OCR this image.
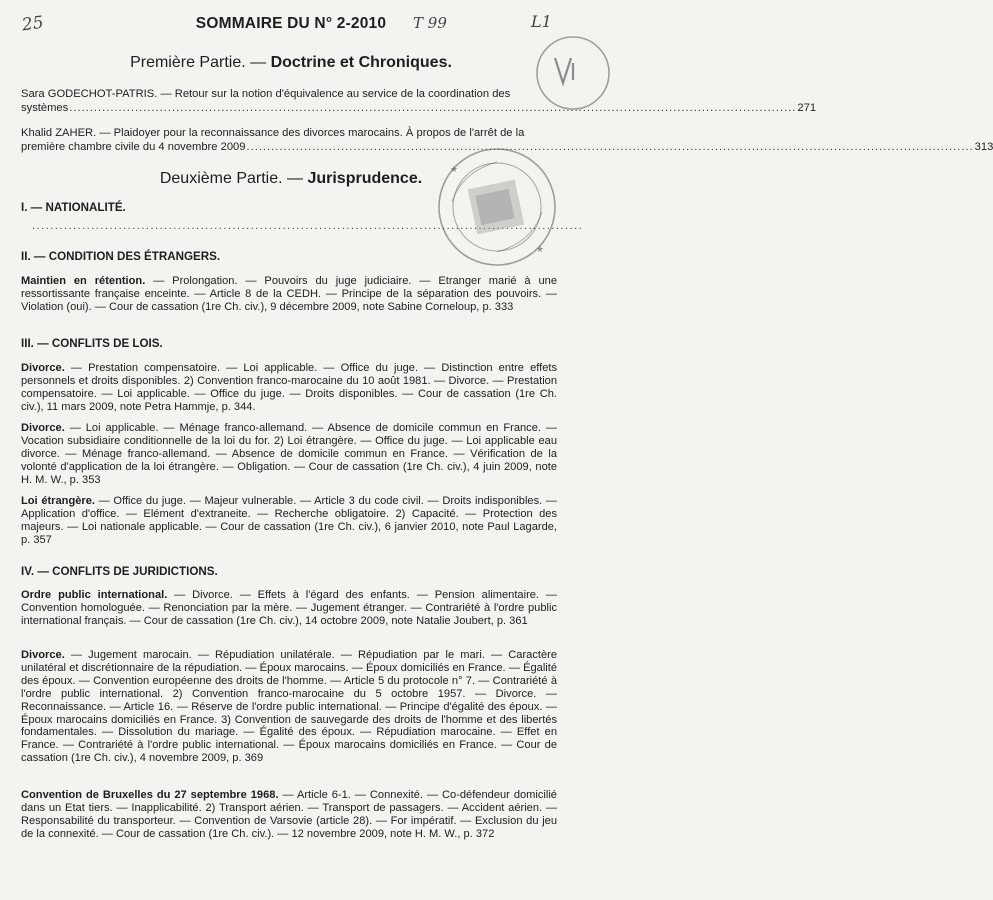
25	T 99	L1
SOMMAIRE DU N° 2-2010
Première Partie. — Doctrine et Chroniques.
Sara GODECHOT-PATRIS. — Retour sur la notion d'équivalence au service de la coordination des
systèmes ................................................................................................................................................................................. 271
Khalid ZAHER. — Plaidoyer pour la reconnaissance des divorces marocains. À propos de l'arrêt de la
première chambre civile du 4 novembre 2009 ................................................................................................................................................................................. 313
Deuxième Partie. — Jurisprudence.
I. — NATIONALITÉ.
.........................................................................................................................
II. — CONDITION DES ÉTRANGERS.
Maintien en rétention. — Prolongation. — Pouvoirs du juge judiciaire. — Etranger marié à une ressortissante française enceinte. — Article 8 de la CEDH. — Principe de la séparation des pouvoirs. — Violation (oui). — Cour de cassation (1re Ch. civ.), 9 décembre 2009, note Sabine Corneloup, p. 333
III. — CONFLITS DE LOIS.
Divorce. — Prestation compensatoire. — Loi applicable. — Office du juge. — Distinction entre effets personnels et droits disponibles. 2) Convention franco-marocaine du 10 août 1981. — Divorce. — Prestation compensatoire. — Loi applicable. — Office du juge. — Droits disponibles. — Cour de cassation (1re Ch. civ.), 11 mars 2009, note Petra Hammje, p. 344.
Divorce. — Loi applicable. — Ménage franco-allemand. — Absence de domicile commun en France. — Vocation subsidiaire conditionnelle de la loi du for. 2) Loi étrangère. — Office du juge. — Loi applicable eau divorce. — Ménage franco-allemand. — Absence de domicile commun en France. — Vérification de la volonté d'application de la loi étrangère. — Obligation. — Cour de cassation (1re Ch. civ.), 4 juin 2009, note H. M. W., p. 353
Loi étrangère. — Office du juge. — Majeur vulnerable. — Article 3 du code civil. — Droits indisponibles. — Application d'office. — Elément d'extraneite. — Recherche obligatoire. 2) Capacité. — Protection des majeurs. — Loi nationale applicable. — Cour de cassation (1re Ch. civ.), 6 janvier 2010, note Paul Lagarde, p. 357
IV. — CONFLITS DE JURIDICTIONS.
Ordre public international. — Divorce. — Effets à l'égard des enfants. — Pension alimentaire. — Convention homologuée. — Renonciation par la mère. — Jugement étranger. — Contrariété à l'ordre public international français. — Cour de cassation (1re Ch. civ.), 14 octobre 2009, note Natalie Joubert, p. 361
Divorce. — Jugement marocain. — Répudiation unilatérale. — Répudiation par le mari. — Caractère unilatéral et discrétionnaire de la répudiation. — Époux marocains. — Époux domiciliés en France. — Égalité des époux. — Convention européenne des droits de l'homme. — Article 5 du protocole n° 7. — Contrariété à l'ordre public international. 2) Convention franco-marocaine du 5 octobre 1957. — Divorce. — Reconnaissance. — Article 16. — Réserve de l'ordre public international. — Principe d'égalité des époux. — Époux marocains domiciliés en France. 3) Convention de sauvegarde des droits de l'homme et des libertés fondamentales. — Dissolution du mariage. — Égalité des époux. — Répudiation marocaine. — Effet en France. — Contrariété à l'ordre public international. — Époux marocains domiciliés en France. — Cour de cassation (1re Ch. civ.), 4 novembre 2009, p. 369
Convention de Bruxelles du 27 septembre 1968. — Article 6-1. — Connexité. — Co-défendeur domicilié dans un Etat tiers. — Inapplicabilité. 2) Transport aérien. — Transport de passagers. — Accident aérien. — Responsabilité du transporteur. — Convention de Varsovie (article 28). — For impératif. — Exclusion du jeu de la connexité. — Cour de cassation (1re Ch. civ.). — 12 novembre 2009, note H. M. W., p. 372
★
★
